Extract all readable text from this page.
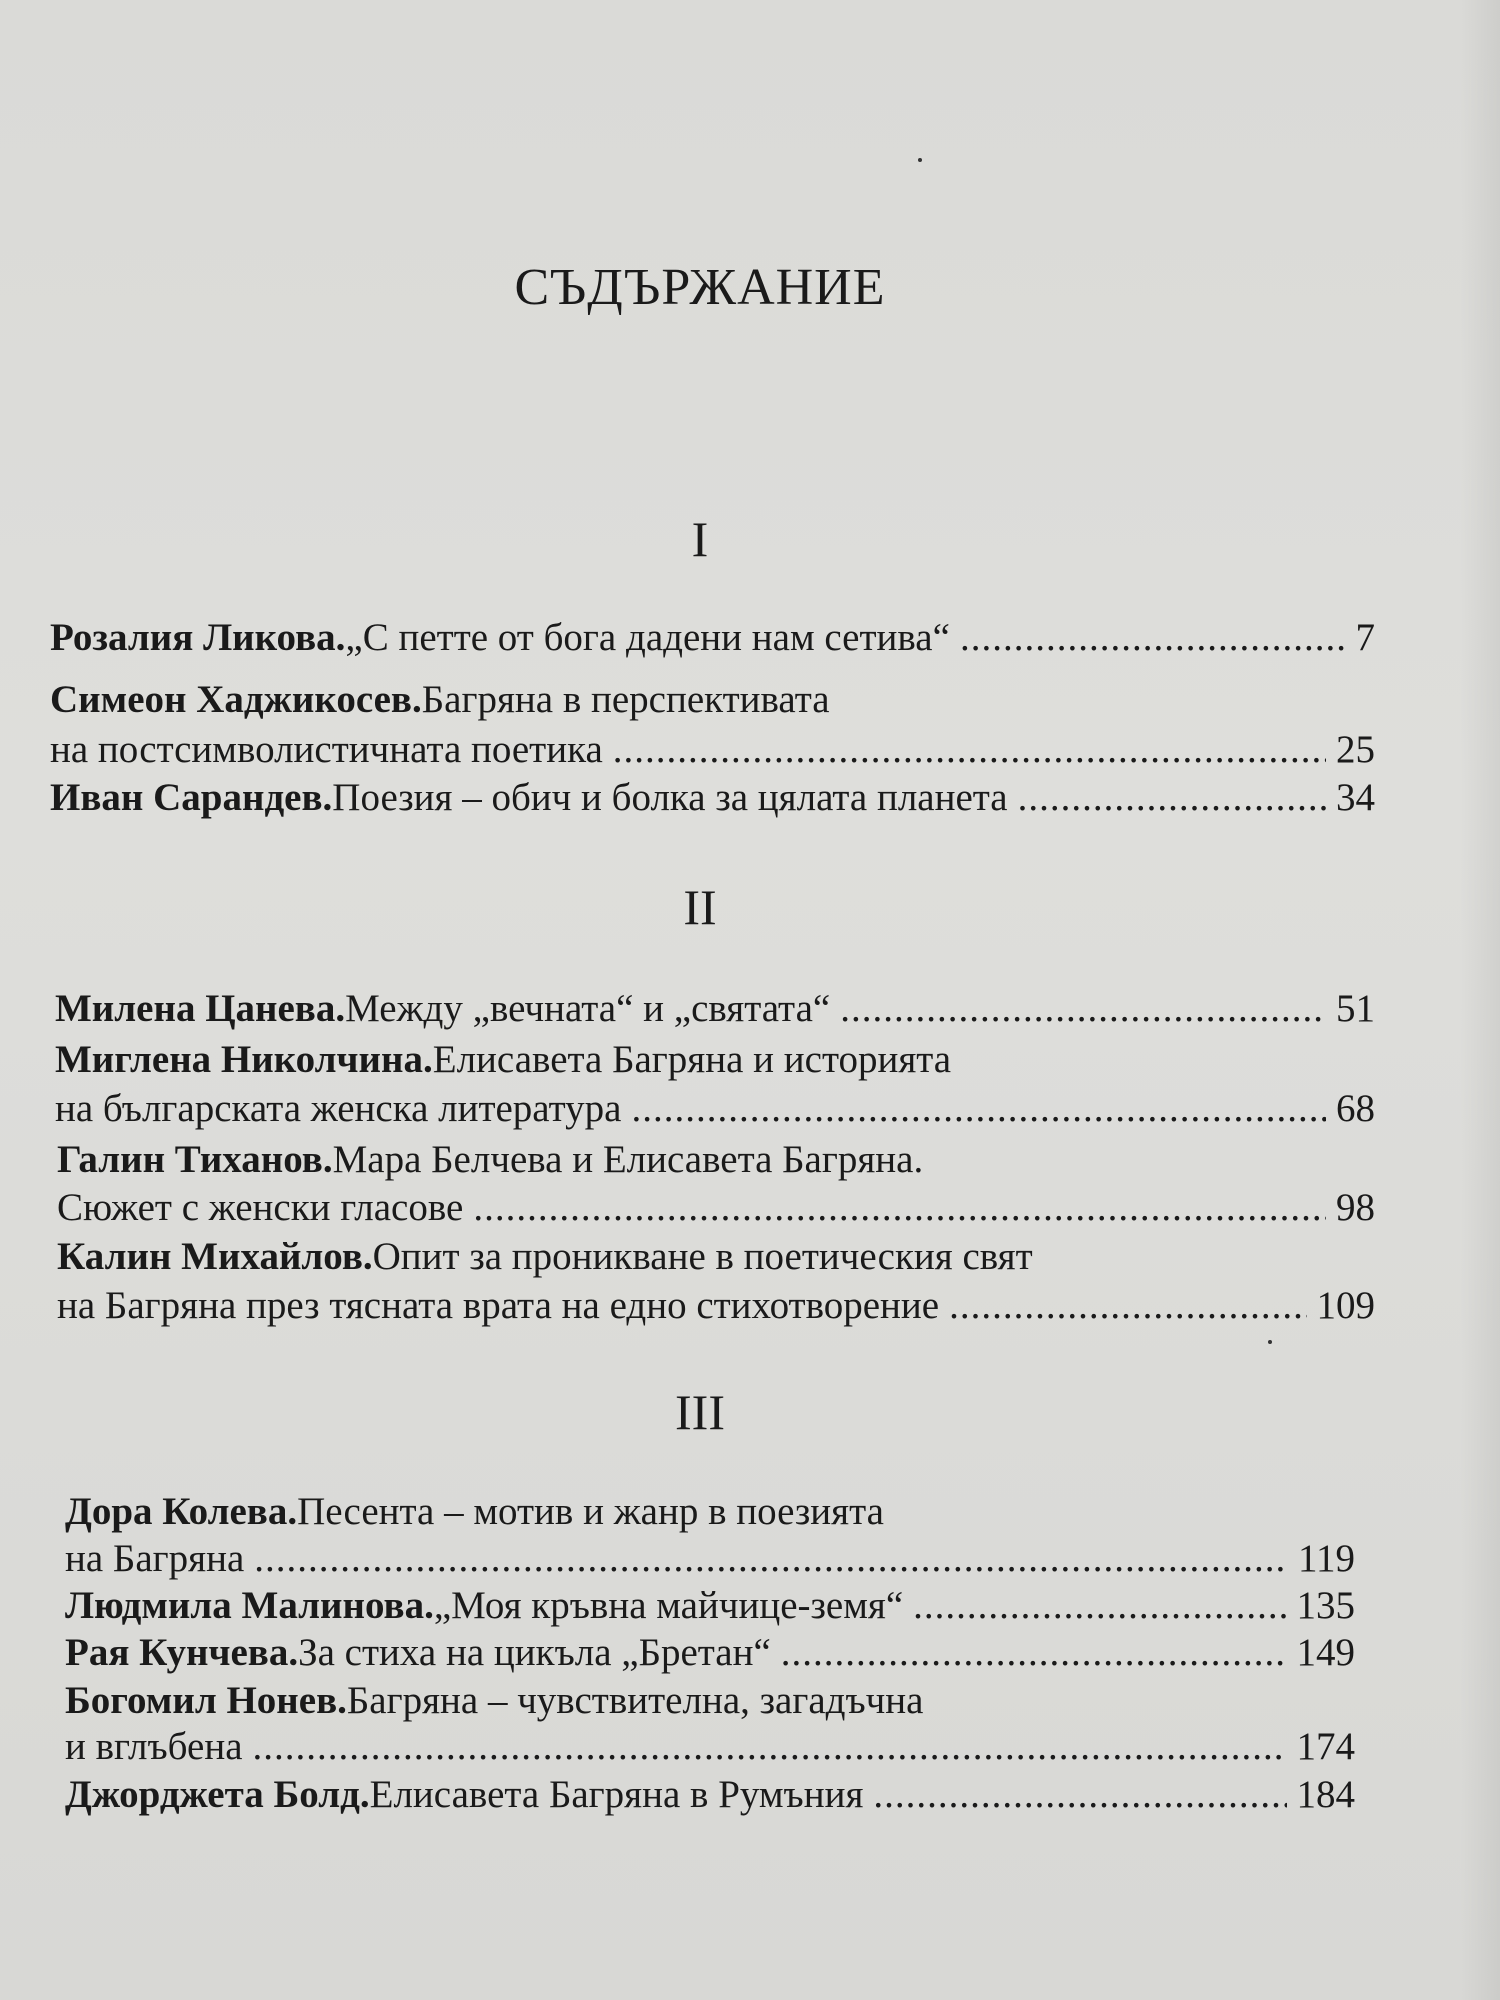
СЪДЪРЖАНИЕ
I
Розалия Ликова. „С петте от бога дадени нам сетива“ .....	7
Симеон Хаджикосев. Багряна в перспективата
на постсимволистичната поетика .....	25
Иван Сарандев. Поезия – обич и болка за цялата планета .....	34
II
Милена Цанева. Между „вечната“ и „святата“ .....	51
Миглена Николчина. Елисавета Багряна и историята
на българската женска литература .....	68
Галин Тиханов. Мара Белчева и Елисавета Багряна.
Сюжет с женски гласове .....	98
Калин Михайлов. Опит за проникване в поетическия свят
на Багряна през тясната врата на едно стихотворение .....	109
III
Дора Колева. Песента – мотив и жанр в поезията
на Багряна .....	119
Людмила Малинова. „Моя кръвна майчице-земя“ .....	135
Рая Кунчева. За стиха на цикъла „Бретан“ .....	149
Богомил Нонев. Багряна – чувствителна, загадъчна
и вглъбена .....	174
Джорджета Болд. Елисавета Багряна в Румъния .....	184
